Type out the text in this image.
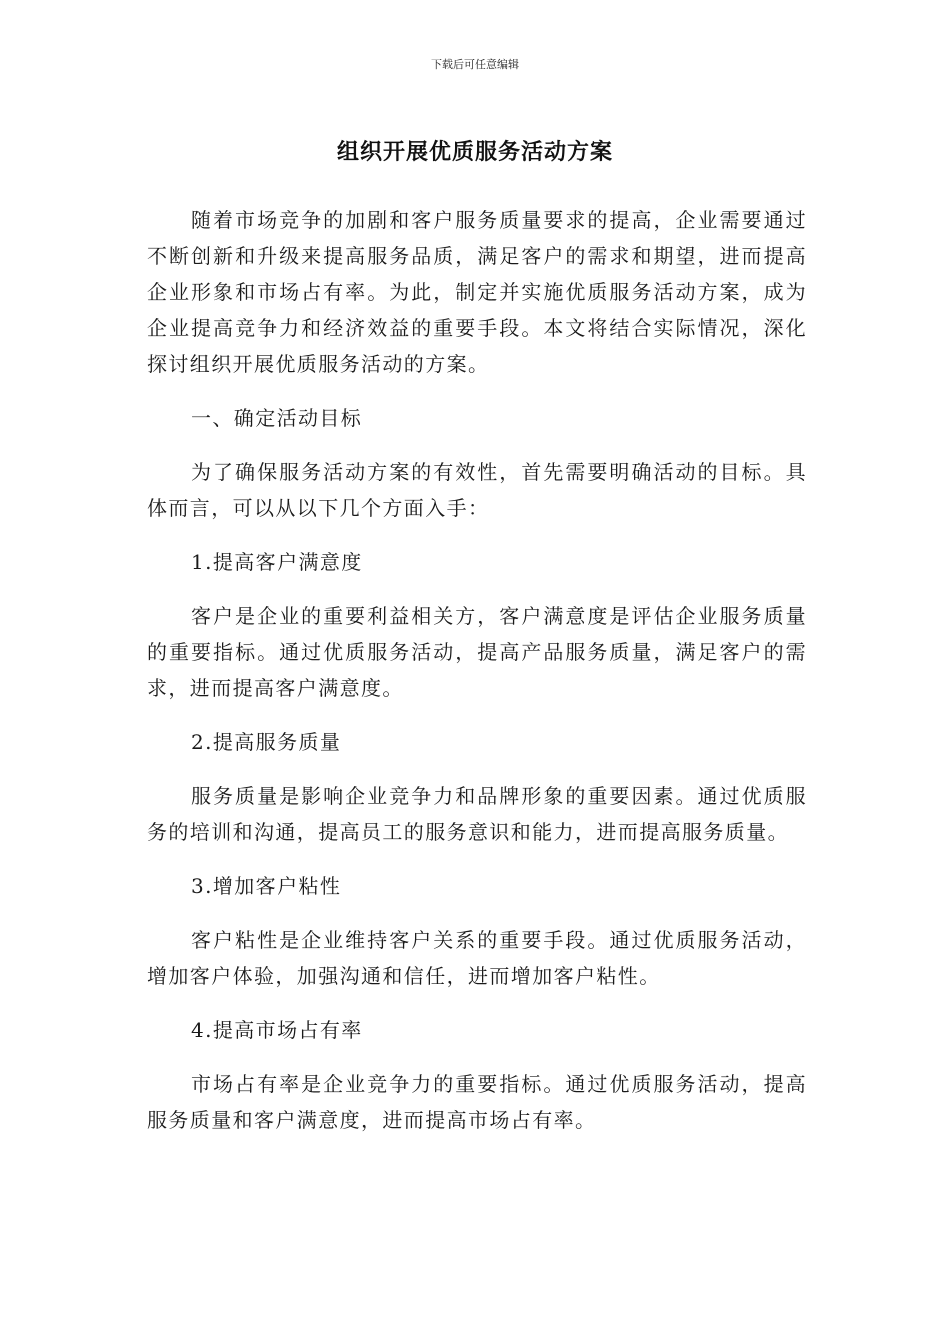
下载后可任意编辑
组织开展优质服务活动方案

随着市场竞争的加剧和客户服务质量要求的提高，企业需要通过不断创新和升级来提高服务品质，满足客户的需求和期望，进而提高企业形象和市场占有率。为此，制定并实施优质服务活动方案，成为企业提高竞争力和经济效益的重要手段。本文将结合实际情况，深化探讨组织开展优质服务活动的方案。

一、确定活动目标

为了确保服务活动方案的有效性，首先需要明确活动的目标。具体而言，可以从以下几个方面入手：

1.提高客户满意度

客户是企业的重要利益相关方，客户满意度是评估企业服务质量的重要指标。通过优质服务活动，提高产品服务质量，满足客户的需求，进而提高客户满意度。

2.提高服务质量

服务质量是影响企业竞争力和品牌形象的重要因素。通过优质服务的培训和沟通，提高员工的服务意识和能力，进而提高服务质量。

3.增加客户粘性

客户粘性是企业维持客户关系的重要手段。通过优质服务活动，增加客户体验，加强沟通和信任，进而增加客户粘性。

4.提高市场占有率

市场占有率是企业竞争力的重要指标。通过优质服务活动，提高服务质量和客户满意度，进而提高市场占有率。
